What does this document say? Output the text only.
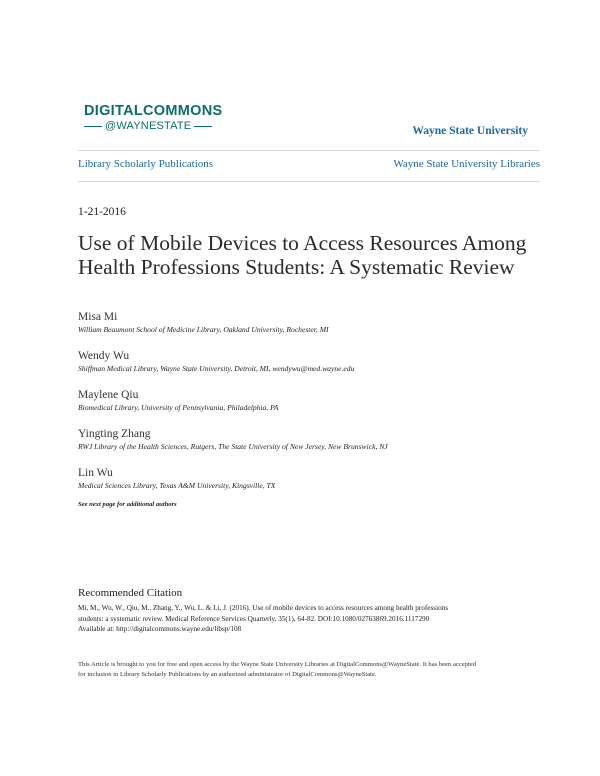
DIGITALCOMMONS
@WAYNESTATE	Wayne State University
Library Scholarly Publications	Wayne State University Libraries
1-21-2016
Use of Mobile Devices to Access Resources Among Health Professions Students: A Systematic Review
Misa Mi
William Beaumont School of Medicine Library, Oakland University, Rochester, MI
Wendy Wu
Shiffman Medical Library, Wayne State University, Detroit, MI, wendywu@med.wayne.edu
Maylene Qiu
Biomedical Library, University of Pennsylvania, Philadelphia, PA
Yingting Zhang
RWJ Library of the Health Sciences, Rutgers, The State University of New Jersey, New Brunswick, NJ
Lin Wu
Medical Sciences Library, Texas A&M University, Kingsville, TX
See next page for additional authors
Recommended Citation
Mi, M., Wu, W., Qiu, M., Zhang, Y., Wu, L. & Li, J. (2016). Use of mobile devices to access resources among health professions
students: a systematic review. Medical Reference Services Quarterly, 35(1), 64-82. DOI:10.1080/02763869.2016.1117290
Available at: http://digitalcommons.wayne.edu/libsp/108
This Article is brought to you for free and open access by the Wayne State University Libraries at DigitalCommons@WayneState. It has been accepted
for inclusion in Library Scholarly Publications by an authorized administrator of DigitalCommons@WayneState.
